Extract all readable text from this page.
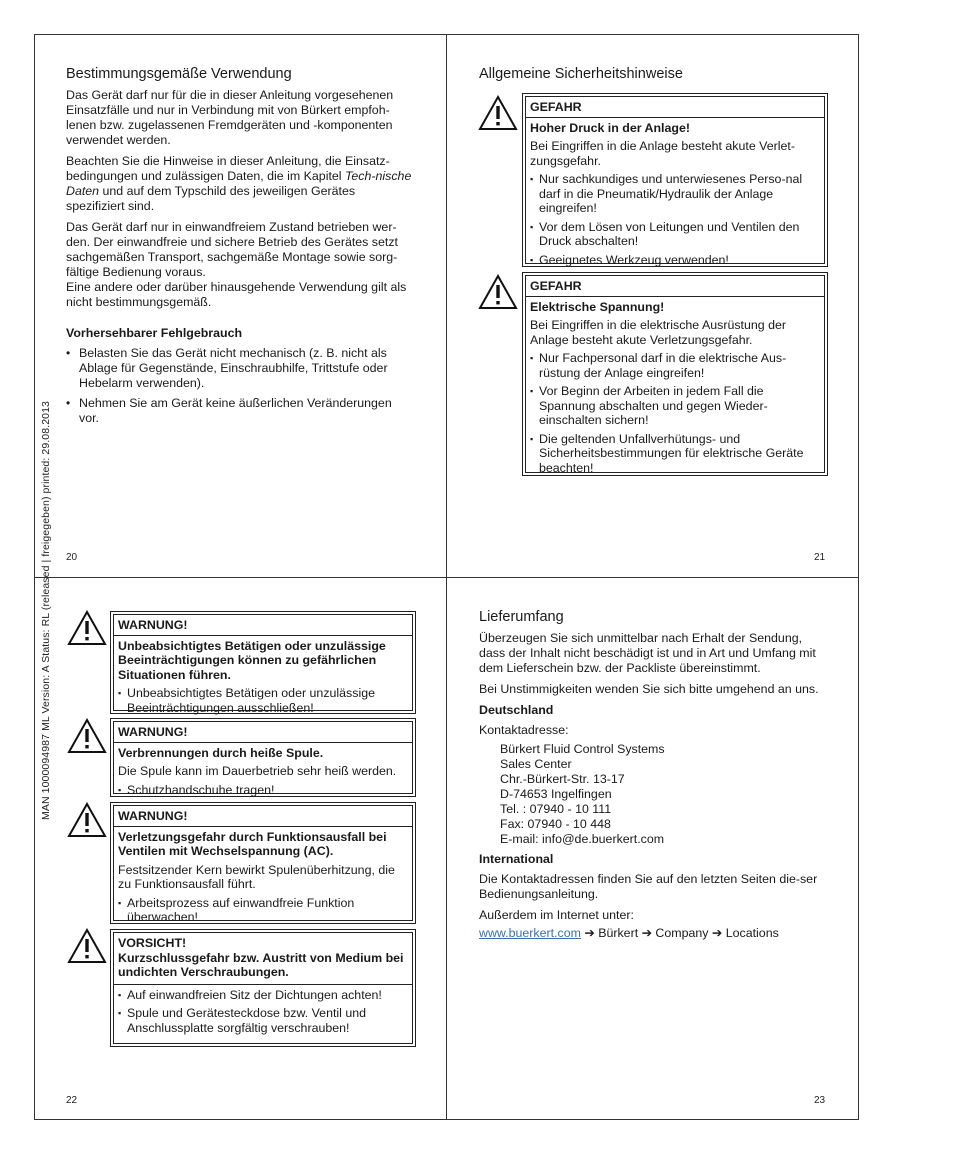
MAN 1000094987 ML Version: A Status: RL (released | freigegeben) printed: 29.08.2013
Bestimmungsgemäße Verwendung

Das Gerät darf nur für die in dieser Anleitung vorgesehenen Einsatzfälle und nur in Verbindung mit von Bürkert empfoh-lenen bzw. zugelassenen Fremdgeräten und -komponenten verwendet werden.

Beachten Sie die Hinweise in dieser Anleitung, die Einsatz-bedingungen und zulässigen Daten, die im Kapitel Tech-nische Daten und auf dem Typschild des jeweiligen Gerätes spezifiziert sind.

Das Gerät darf nur in einwandfreiem Zustand betrieben wer-den. Der einwandfreie und sichere Betrieb des Gerätes setzt sachgemäßen Transport, sachgemäße Montage sowie sorg-fältige Bedienung voraus.
Eine andere oder darüber hinausgehende Verwendung gilt als nicht bestimmungsgemäß.

Vorhersehbarer Fehlgebrauch
• Belasten Sie das Gerät nicht mechanisch (z. B. nicht als Ablage für Gegenstände, Einschraubhilfe, Trittstufe oder Hebelarm verwenden).
• Nehmen Sie am Gerät keine äußerlichen Veränderungen vor.
20
Allgemeine Sicherheitshinweise
GEFAHR
Hoher Druck in der Anlage!
Bei Eingriffen in die Anlage besteht akute Verlet-zungsgefahr.
▪ Nur sachkundiges und unterwiesenes Perso-nal darf in die Pneumatik/Hydraulik der Anlage eingreifen!
▪ Vor dem Lösen von Leitungen und Ventilen den Druck abschalten!
▪ Geeignetes Werkzeug verwenden!
GEFAHR
Elektrische Spannung!
Bei Eingriffen in die elektrische Ausrüstung der Anlage besteht akute Verletzungsgefahr.
▪ Nur Fachpersonal darf in die elektrische Aus-rüstung der Anlage eingreifen!
▪ Vor Beginn der Arbeiten in jedem Fall die Spannung abschalten und gegen Wieder-einschalten sichern!
▪ Die geltenden Unfallverhütungs- und Sicherheitsbestimmungen für elektrische Geräte beachten!
21
WARNUNG!
Unbeabsichtigtes Betätigen oder unzulässige Beeinträchtigungen können zu gefährlichen Situationen führen.
▪ Unbeabsichtigtes Betätigen oder unzulässige Beeinträchtigungen ausschließen!
WARNUNG!
Verbrennungen durch heiße Spule.
Die Spule kann im Dauerbetrieb sehr heiß werden.
▪ Schutzhandschuhe tragen!
WARNUNG!
Verletzungsgefahr durch Funktionsausfall bei Ventilen mit Wechselspannung (AC).
Festsitzender Kern bewirkt Spulenüberhitzung, die zu Funktionsausfall führt.
▪ Arbeitsprozess auf einwandfreie Funktion überwachen!
VORSICHT!
Kurzschlussgefahr bzw. Austritt von Medium bei undichten Verschraubungen.
▪ Auf einwandfreien Sitz der Dichtungen achten!
▪ Spule und Gerätesteckdose bzw. Ventil und Anschlussplatte sorgfältig verschrauben!
22
Lieferumfang

Überzeugen Sie sich unmittelbar nach Erhalt der Sendung, dass der Inhalt nicht beschädigt ist und in Art und Umfang mit dem Lieferschein bzw. der Packliste übereinstimmt.

Bei Unstimmigkeiten wenden Sie sich bitte umgehend an uns.

Deutschland

Kontaktadresse:

Bürkert Fluid Control Systems
Sales Center
Chr.-Bürkert-Str. 13-17
D-74653 Ingelfingen
Tel. : 07940 - 10 111
Fax: 07940 - 10 448
E-mail: info@de.buerkert.com
International

Die Kontaktadressen finden Sie auf den letzten Seiten die-ser Bedienungsanleitung.

Außerdem im Internet unter:

www.buerkert.com ➔ Bürkert ➔ Company ➔ Locations

23
